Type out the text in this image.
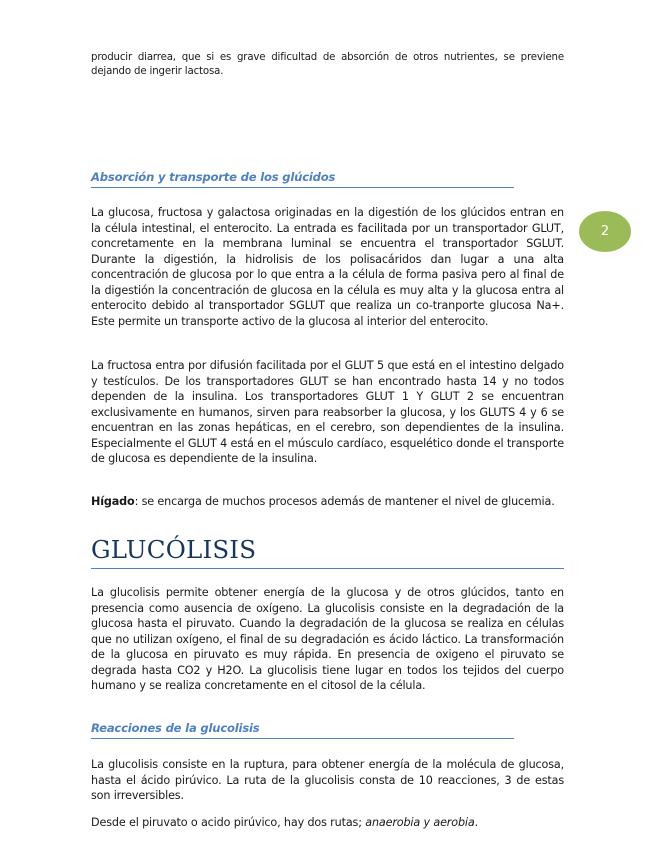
producir diarrea, que si es grave dificultad de absorción de otros nutrientes, se previene dejando de ingerir lactosa.

Absorción y transporte de los glúcidos
2

La glucosa, fructosa y galactosa originadas en la digestión de los glúcidos entran en la célula intestinal, el enterocito. La entrada es facilitada por un transportador GLUT, concretamente en la membrana luminal se encuentra el transportador SGLUT. Durante la digestión, la hidrolisis de los polisacáridos dan lugar a una alta concentración de glucosa por lo que entra a la célula de forma pasiva pero al final de la digestión la concentración de glucosa en la célula es muy alta y la glucosa entra al enterocito debido al transportador SGLUT que realiza un co-tranporte glucosa Na+. Este permite un transporte activo de la glucosa al interior del enterocito.

La fructosa entra por difusión facilitada por el GLUT 5 que está en el intestino delgado y testículos. De los transportadores GLUT se han encontrado hasta 14 y no todos dependen de la insulina. Los transportadores GLUT 1 Y GLUT 2 se encuentran exclusivamente en humanos, sirven para reabsorber la glucosa, y los GLUTS 4 y 6 se encuentran en las zonas hepáticas, en el cerebro, son dependientes de la insulina. Especialmente el GLUT 4 está en el músculo cardíaco, esquelético donde el transporte de glucosa es dependiente de la insulina.

Hígado: se encarga de muchos procesos además de mantener el nivel de glucemia.

GLUCÓLISIS

La glucolisis permite obtener energía de la glucosa y de otros glúcidos, tanto en presencia como ausencia de oxígeno. La glucolisis consiste en la degradación de la glucosa hasta el piruvato. Cuando la degradación de la glucosa se realiza en células que no utilizan oxígeno, el final de su degradación es ácido láctico. La transformación de la glucosa en piruvato es muy rápida. En presencia de oxigeno el piruvato se degrada hasta CO2 y H2O. La glucolisis tiene lugar en todos los tejidos del cuerpo humano y se realiza concretamente en el citosol de la célula.

Reacciones de la glucolisis

La glucolisis consiste en la ruptura, para obtener energía de la molécula de glucosa, hasta el ácido pirúvico. La ruta de la glucolisis consta de 10 reacciones, 3 de estas son irreversibles.

Desde el piruvato o acido pirúvico, hay dos rutas; anaerobia y aerobia.
